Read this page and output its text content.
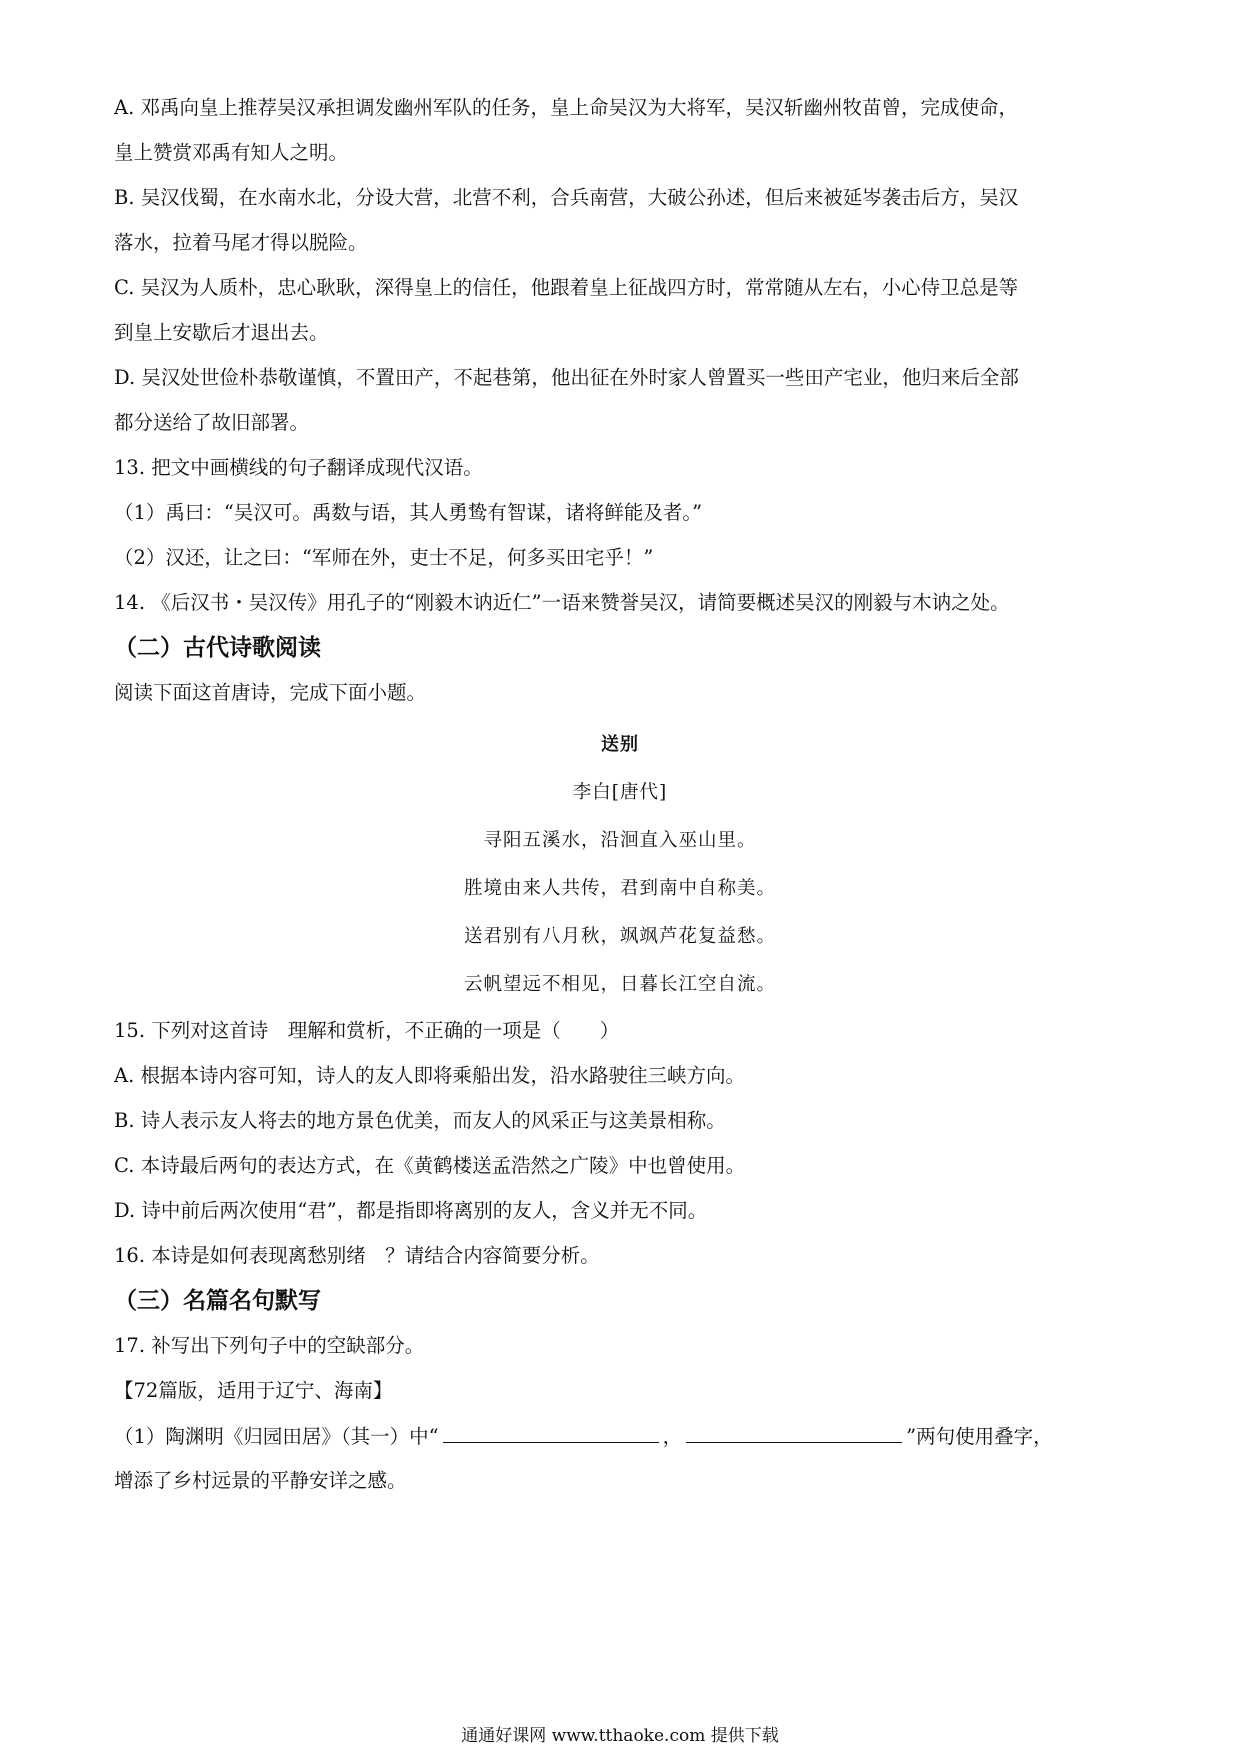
A. 邓禹向皇上推荐吴汉承担调发幽州军队的任务，皇上命吴汉为大将军，吴汉斩幽州牧苗曾，完成使命，
皇上赞赏邓禹有知人之明。
B. 吴汉伐蜀，在水南水北，分设大营，北营不利，合兵南营，大破公孙述，但后来被延岑袭击后方，吴汉
落水，拉着马尾才得以脱险。
C. 吴汉为人质朴，忠心耿耿，深得皇上的信任，他跟着皇上征战四方时，常常随从左右，小心侍卫总是等
到皇上安歇后才退出去。
D. 吴汉处世俭朴恭敬谨慎，不置田产，不起巷第，他出征在外时家人曾置买一些田产宅业，他归来后全部
都分送给了故旧部署。
13. 把文中画横线的句子翻译成现代汉语。
（1）禹曰：“吴汉可。禹数与语，其人勇鸷有智谋，诸将鲜能及者。”
（2）汉还，让之曰：“军师在外，吏士不足，何多买田宅乎！”
14. 《后汉书・吴汉传》用孔子的“刚毅木讷近仁”一语来赞誉吴汉，请简要概述吴汉的刚毅与木讷之处。
（二）古代诗歌阅读
阅读下面这首唐诗，完成下面小题。
送别
李白[唐代]
寻阳五溪水，沿洄直入巫山里。
胜境由来人共传，君到南中自称美。
送君别有八月秋，飒飒芦花复益愁。
云帆望远不相见，日暮长江空自流。
15. 下列对这首诗　理解和赏析，不正确的一项是（　　）
A. 根据本诗内容可知，诗人的友人即将乘船出发，沿水路驶往三峡方向。
B. 诗人表示友人将去的地方景色优美，而友人的风采正与这美景相称。
C. 本诗最后两句的表达方式，在《黄鹤楼送孟浩然之广陵》中也曾使用。
D. 诗中前后两次使用“君”，都是指即将离别的友人，含义并无不同。
16. 本诗是如何表现离愁别绪　？请结合内容简要分析。
（三）名篇名句默写
17. 补写出下列句子中的空缺部分。
【72篇版，适用于辽宁、海南】
（1）陶渊明《归园田居》（其一）中“	，	”两句使用叠字，
增添了乡村远景的平静安详之感。
通通好课网 www.tthaoke.com 提供下载
